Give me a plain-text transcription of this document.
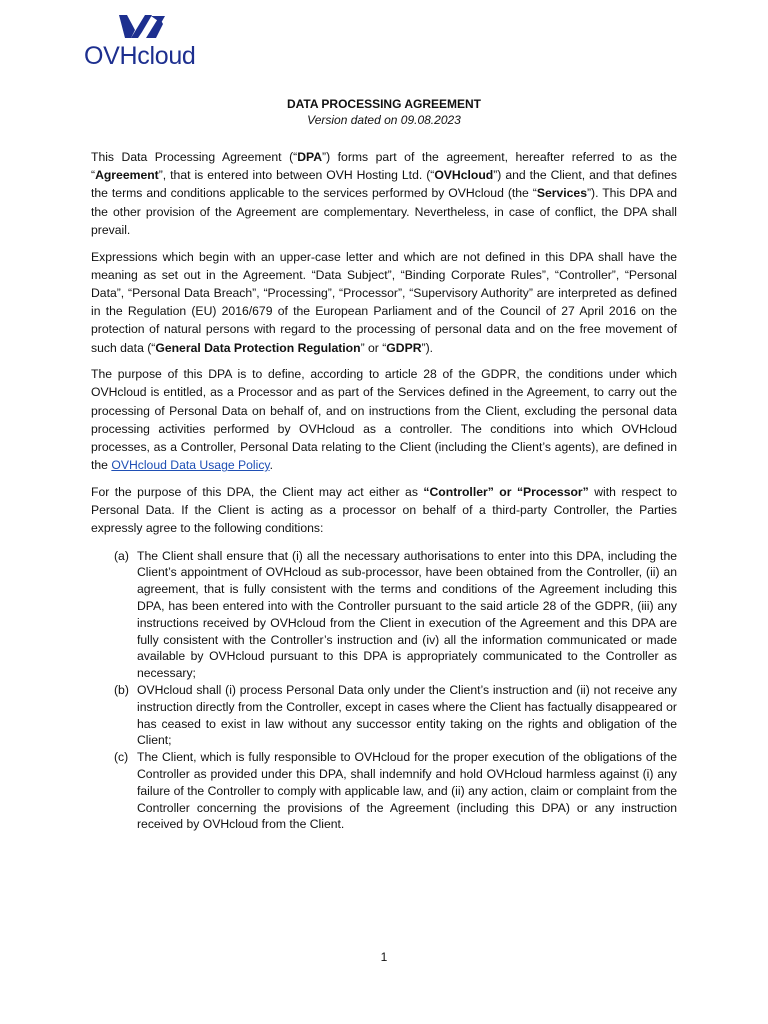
OVHcloud
DATA PROCESSING AGREEMENT
Version dated on 09.08.2023

This Data Processing Agreement (“DPA”) forms part of the agreement, hereafter referred to as the “Agreement”, that is entered into between OVH Hosting Ltd. (“OVHcloud”) and the Client, and that defines the terms and conditions applicable to the services performed by OVHcloud (the “Services”). This DPA and the other provision of the Agreement are complementary. Nevertheless, in case of conflict, the DPA shall prevail.

Expressions which begin with an upper-case letter and which are not defined in this DPA shall have the meaning as set out in the Agreement. “Data Subject”, “Binding Corporate Rules”, “Controller”, “Personal Data”, “Personal Data Breach”, “Processing”, “Processor”, “Supervisory Authority” are interpreted as defined in the Regulation (EU) 2016/679 of the European Parliament and of the Council of 27 April 2016 on the protection of natural persons with regard to the processing of personal data and on the free movement of such data (“General Data Protection Regulation” or “GDPR”).

The purpose of this DPA is to define, according to article 28 of the GDPR, the conditions under which OVHcloud is entitled, as a Processor and as part of the Services defined in the Agreement, to carry out the processing of Personal Data on behalf of, and on instructions from the Client, excluding the personal data processing activities performed by OVHcloud as a controller. The conditions into which OVHcloud processes, as a Controller, Personal Data relating to the Client (including the Client’s agents), are defined in the OVHcloud Data Usage Policy.

For the purpose of this DPA, the Client may act either as “Controller” or “Processor” with respect to Personal Data. If the Client is acting as a processor on behalf of a third-party Controller, the Parties expressly agree to the following conditions:

(a) The Client shall ensure that (i) all the necessary authorisations to enter into this DPA, including the Client’s appointment of OVHcloud as sub-processor, have been obtained from the Controller, (ii) an agreement, that is fully consistent with the terms and conditions of the Agreement including this DPA, has been entered into with the Controller pursuant to the said article 28 of the GDPR, (iii) any instructions received by OVHcloud from the Client in execution of the Agreement and this DPA are fully consistent with the Controller’s instruction and (iv) all the information communicated or made available by OVHcloud pursuant to this DPA is appropriately communicated to the Controller as necessary;
(b) OVHcloud shall (i) process Personal Data only under the Client’s instruction and (ii) not receive any instruction directly from the Controller, except in cases where the Client has factually disappeared or has ceased to exist in law without any successor entity taking on the rights and obligation of the Client;
(c) The Client, which is fully responsible to OVHcloud for the proper execution of the obligations of the Controller as provided under this DPA, shall indemnify and hold OVHcloud harmless against (i) any failure of the Controller to comply with applicable law, and (ii) any action, claim or complaint from the Controller concerning the provisions of the Agreement (including this DPA) or any instruction received by OVHcloud from the Client.
1
